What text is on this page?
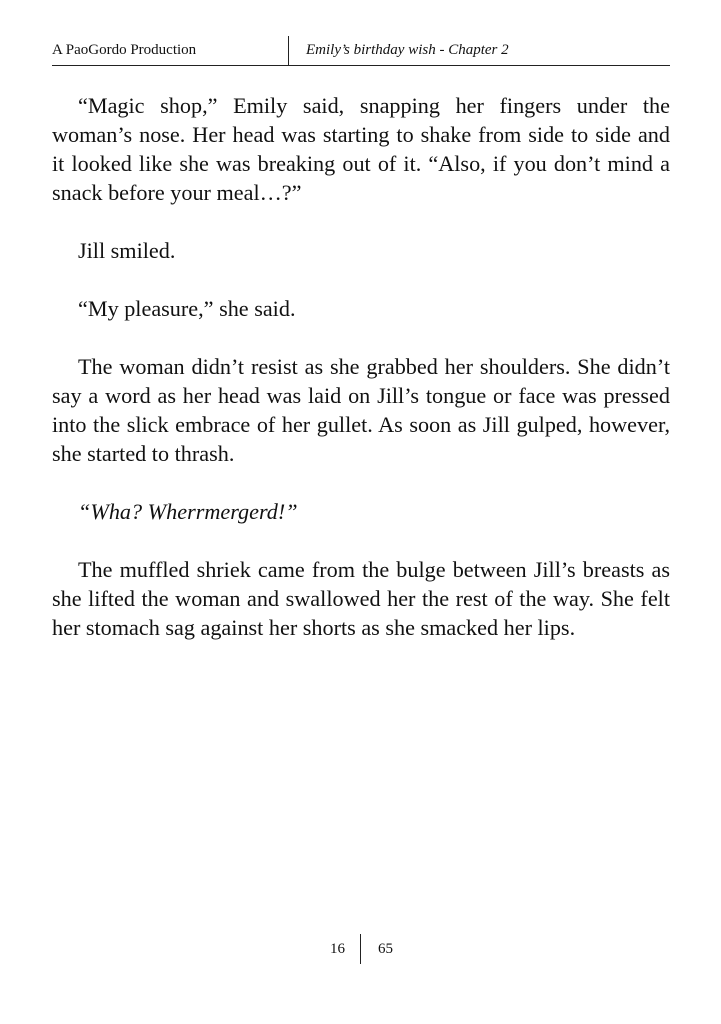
A PaoGordo Production	Emily’s birthday wish - Chapter 2

“Magic shop,” Emily said, snapping her fingers under the woman’s nose. Her head was starting to shake from side to side and it looked like she was breaking out of it. “Also, if you don’t mind a snack before your meal…?”

Jill smiled.

“My pleasure,” she said.

The woman didn’t resist as she grabbed her shoulders. She didn’t say a word as her head was laid on Jill’s tongue or face was pressed into the slick embrace of her gullet. As soon as Jill gulped, however, she started to thrash.

“Wha? Wherrmergerd!”

The muffled shriek came from the bulge between Jill’s breasts as she lifted the woman and swallowed her the rest of the way. She felt her stomach sag against her shorts as she smacked her lips.

16 65
